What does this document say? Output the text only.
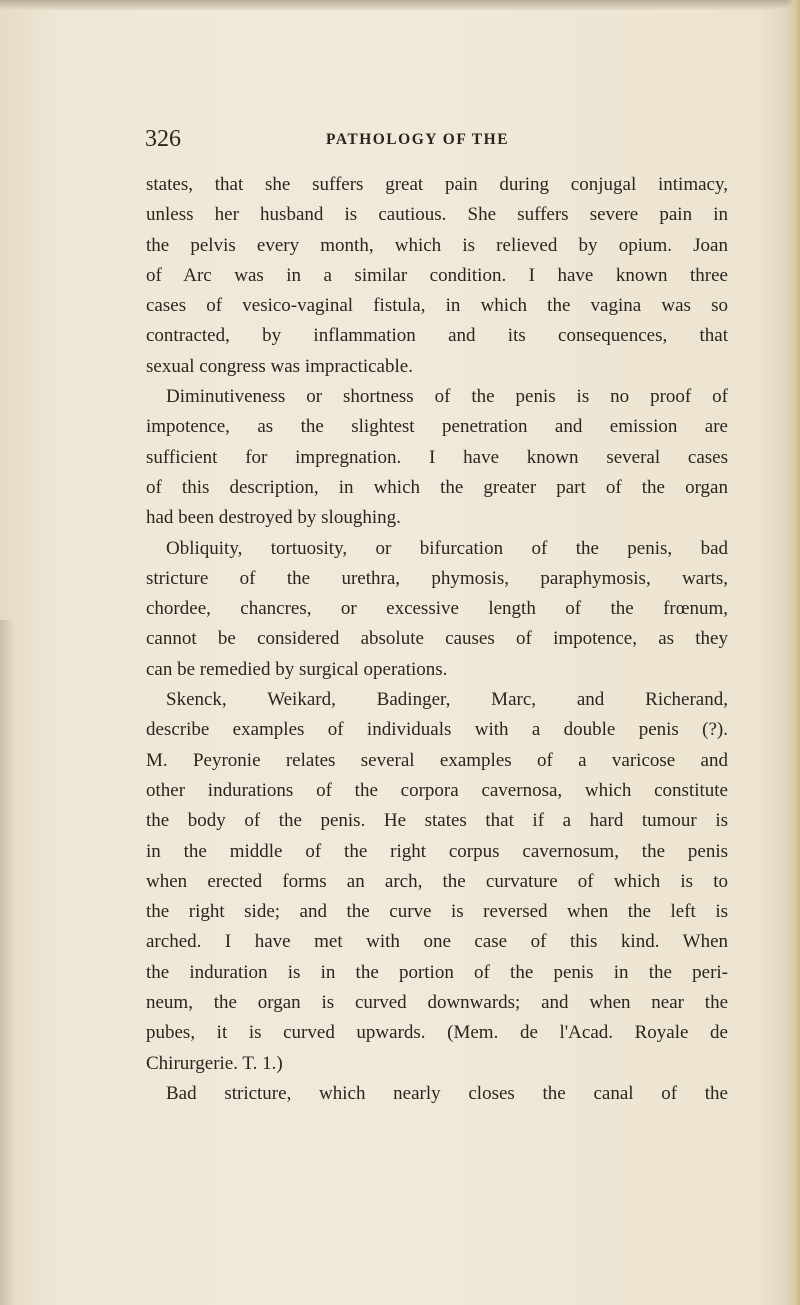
326	PATHOLOGY OF THE
states, that she suffers great pain during conjugal intimacy,
unless her husband is cautious. She suffers severe pain in
the pelvis every month, which is relieved by opium. Joan
of Arc was in a similar condition. I have known three
cases of vesico-vaginal fistula, in which the vagina was so
contracted, by inflammation and its consequences, that
sexual congress was impracticable.
Diminutiveness or shortness of the penis is no proof of
impotence, as the slightest penetration and emission are
sufficient for impregnation. I have known several cases
of this description, in which the greater part of the organ
had been destroyed by sloughing.
Obliquity, tortuosity, or bifurcation of the penis, bad
stricture of the urethra, phymosis, paraphymosis, warts,
chordee, chancres, or excessive length of the frœnum,
cannot be considered absolute causes of impotence, as they
can be remedied by surgical operations.
Skenck, Weikard, Badinger, Marc, and Richerand,
describe examples of individuals with a double penis (?).
M. Peyronie relates several examples of a varicose and
other indurations of the corpora cavernosa, which constitute
the body of the penis. He states that if a hard tumour is
in the middle of the right corpus cavernosum, the penis
when erected forms an arch, the curvature of which is to
the right side; and the curve is reversed when the left is
arched. I have met with one case of this kind. When
the induration is in the portion of the penis in the peri-
neum, the organ is curved downwards; and when near the
pubes, it is curved upwards. (Mem. de l'Acad. Royale de
Chirurgerie. T. 1.)
Bad stricture, which nearly closes the canal of the
